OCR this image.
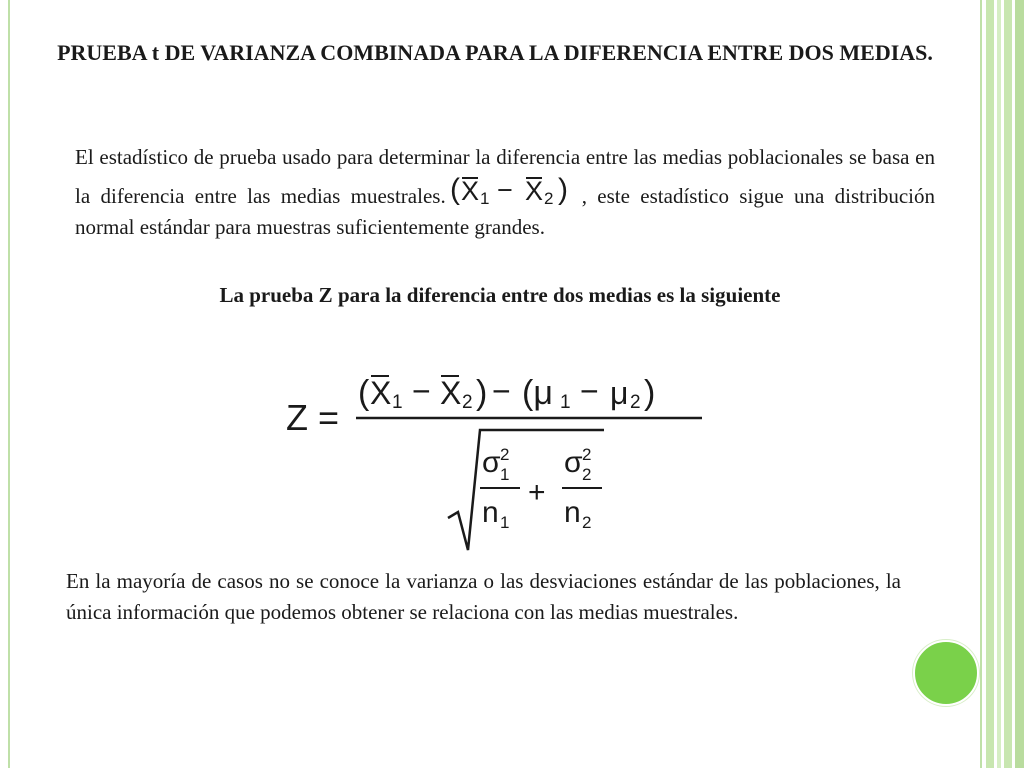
PRUEBA t DE VARIANZA COMBINADA PARA LA DIFERENCIA ENTRE DOS MEDIAS.

El estadístico de prueba usado para determinar la diferencia entre las medias poblacionales se basa en la diferencia entre las medias muestrales. ( X 1 − X 2 ) , este estadístico sigue una distribución normal estándar para muestras suficientemente grandes.

La prueba Z para la diferencia entre dos medias es la siguiente

Z =
( X 1 − X 2 ) − (μ 1 − μ 2 )
σ 2
1
n 1
+
σ 2
2
n 2

En la mayoría de casos no se conoce la varianza o las desviaciones estándar de las poblaciones, la única información que podemos obtener se relaciona con las medias muestrales.
